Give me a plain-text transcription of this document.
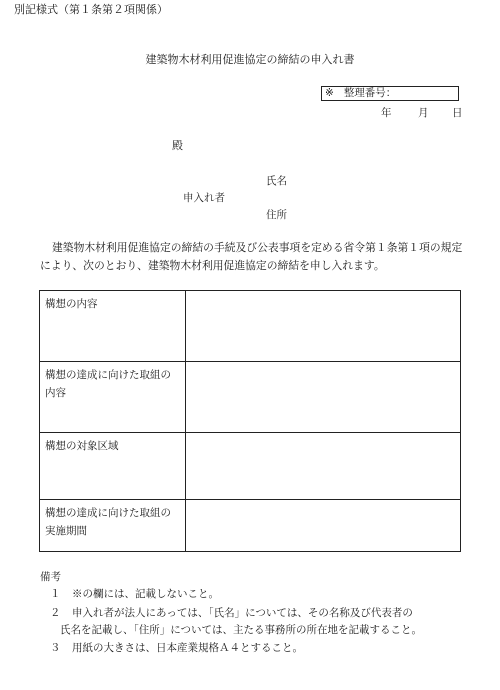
別記様式（第１条第２項関係）
建築物木材利用促進協定の締結の申入れ書
※ 整理番号：
年	月 日
殿
氏名
申入れ者
住所
建築物木材利用促進協定の締結の手続及び公表事項を定める省令第１条第１項の規定により、次のとおり、建築物木材利用促進協定の締結を申し入れます。
構想の内容	
構想の達成に向けた取組の内容	
構想の対象区域	
構想の達成に向けた取組の実施期間	
備考
１ ※の欄には、記載しないこと。
２ 申入れ者が法人にあっては、「氏名」については、その名称及び代表者の
氏名を記載し、「住所」については、主たる事務所の所在地を記載すること。
３ 用紙の大きさは、日本産業規格Ａ４とすること。
